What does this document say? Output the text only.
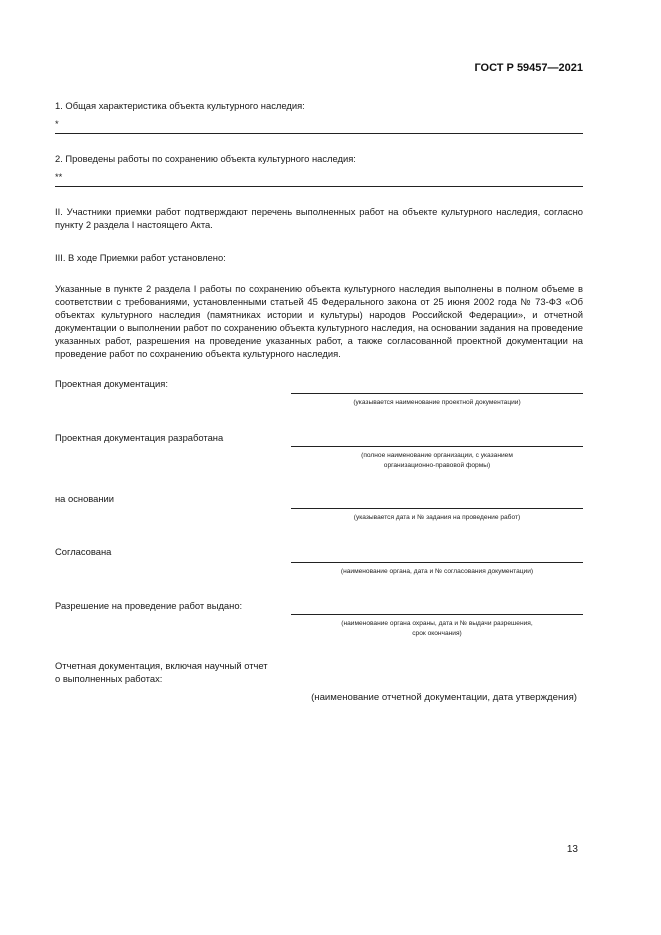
ГОСТ Р 59457—2021
1. Общая характеристика объекта культурного наследия:
*
2. Проведены работы по сохранению объекта культурного наследия:
**
II. Участники приемки работ подтверждают перечень выполненных работ на объекте культурного наследия, согласно пункту 2 раздела I настоящего Акта.
III. В ходе Приемки работ установлено:
Указанные в пункте 2 раздела I работы по сохранению объекта культурного наследия выполнены в полном объеме в соответствии с требованиями, установленными статьей 45 Федерального закона от 25 июня 2002 года № 73-ФЗ «Об объектах культурного наследия (памятниках истории и культуры) народов Российской Федерации», и отчетной документации о выполнении работ по сохранению объекта культурного наследия, на основании задания на проведение указанных работ, разрешения на проведение указанных работ, а также согласованной проектной документации на проведение работ по сохранению объекта культурного наследия.
Проектная документация:
(указывается наименование проектной документации)
Проектная документация разработана
(полное наименование организации, с указанием
организационно-правовой формы)
на основании
(указывается дата и № задания на проведение работ)
Согласована
(наименование органа, дата и № согласования документации)
Разрешение на проведение работ выдано:
(наименование органа охраны, дата и № выдачи разрешения,
срок окончания)
Отчетная документация, включая научный отчет
о выполненных работах:
(наименование отчетной документации, дата утверждения)
13
